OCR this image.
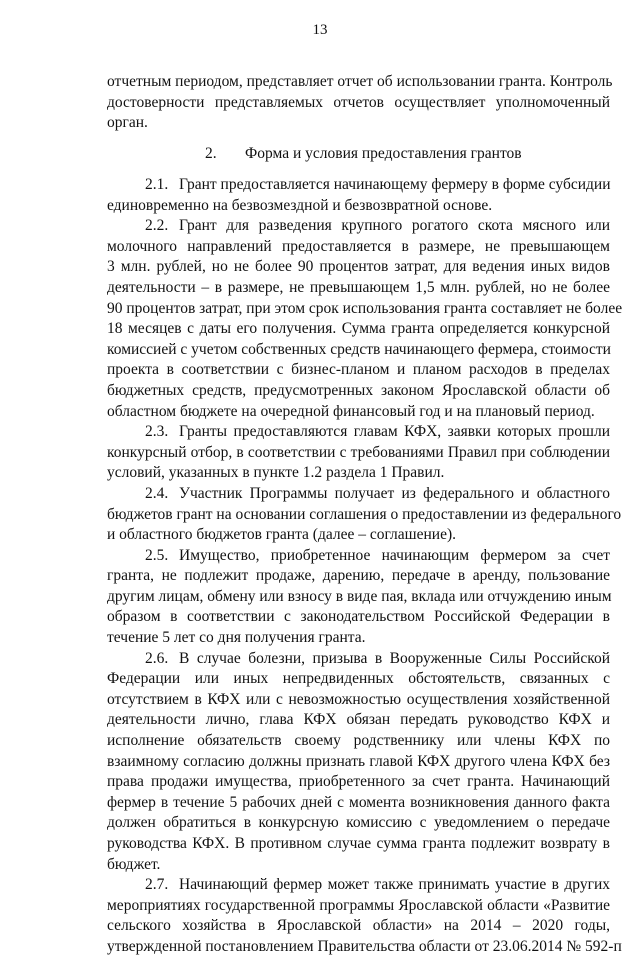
13
отчетным периодом, представляет отчет об использовании гранта. Контроль
достоверности представляемых отчетов осуществляет уполномоченный
орган.
2. Форма и условия предоставления грантов
2.1. Грант предоставляется начинающему фермеру в форме субсидии
единовременно на безвозмездной и безвозвратной основе.
2.2. Грант для разведения крупного рогатого скота мясного или
молочного направлений предоставляется в размере, не превышающем
3 млн. рублей, но не более 90 процентов затрат, для ведения иных видов
деятельности – в размере, не превышающем 1,5 млн. рублей, но не более
90 процентов затрат, при этом срок использования гранта составляет не более
18 месяцев с даты его получения. Сумма гранта определяется конкурсной
комиссией с учетом собственных средств начинающего фермера, стоимости
проекта в соответствии с бизнес-планом и планом расходов в пределах
бюджетных средств, предусмотренных законом Ярославской области об
областном бюджете на очередной финансовый год и на плановый период.
2.3. Гранты предоставляются главам КФХ, заявки которых прошли
конкурсный отбор, в соответствии с требованиями Правил при соблюдении
условий, указанных в пункте 1.2 раздела 1 Правил.
2.4. Участник Программы получает из федерального и областного
бюджетов грант на основании соглашения о предоставлении из федерального
и областного бюджетов гранта (далее – соглашение).
2.5. Имущество, приобретенное начинающим фермером за счет
гранта, не подлежит продаже, дарению, передаче в аренду, пользование
другим лицам, обмену или взносу в виде пая, вклада или отчуждению иным
образом в соответствии с законодательством Российской Федерации в
течение 5 лет со дня получения гранта.
2.6. В случае болезни, призыва в Вооруженные Силы Российской
Федерации или иных непредвиденных обстоятельств, связанных с
отсутствием в КФХ или с невозможностью осуществления хозяйственной
деятельности лично, глава КФХ обязан передать руководство КФХ и
исполнение обязательств своему родственнику или члены КФХ по
взаимному согласию должны признать главой КФХ другого члена КФХ без
права продажи имущества, приобретенного за счет гранта. Начинающий
фермер в течение 5 рабочих дней с момента возникновения данного факта
должен обратиться в конкурсную комиссию с уведомлением о передаче
руководства КФХ. В противном случае сумма гранта подлежит возврату в
бюджет.
2.7. Начинающий фермер может также принимать участие в других
мероприятиях государственной программы Ярославской области «Развитие
сельского хозяйства в Ярославской области» на 2014 – 2020 годы,
утвержденной постановлением Правительства области от 23.06.2014 № 592-п
